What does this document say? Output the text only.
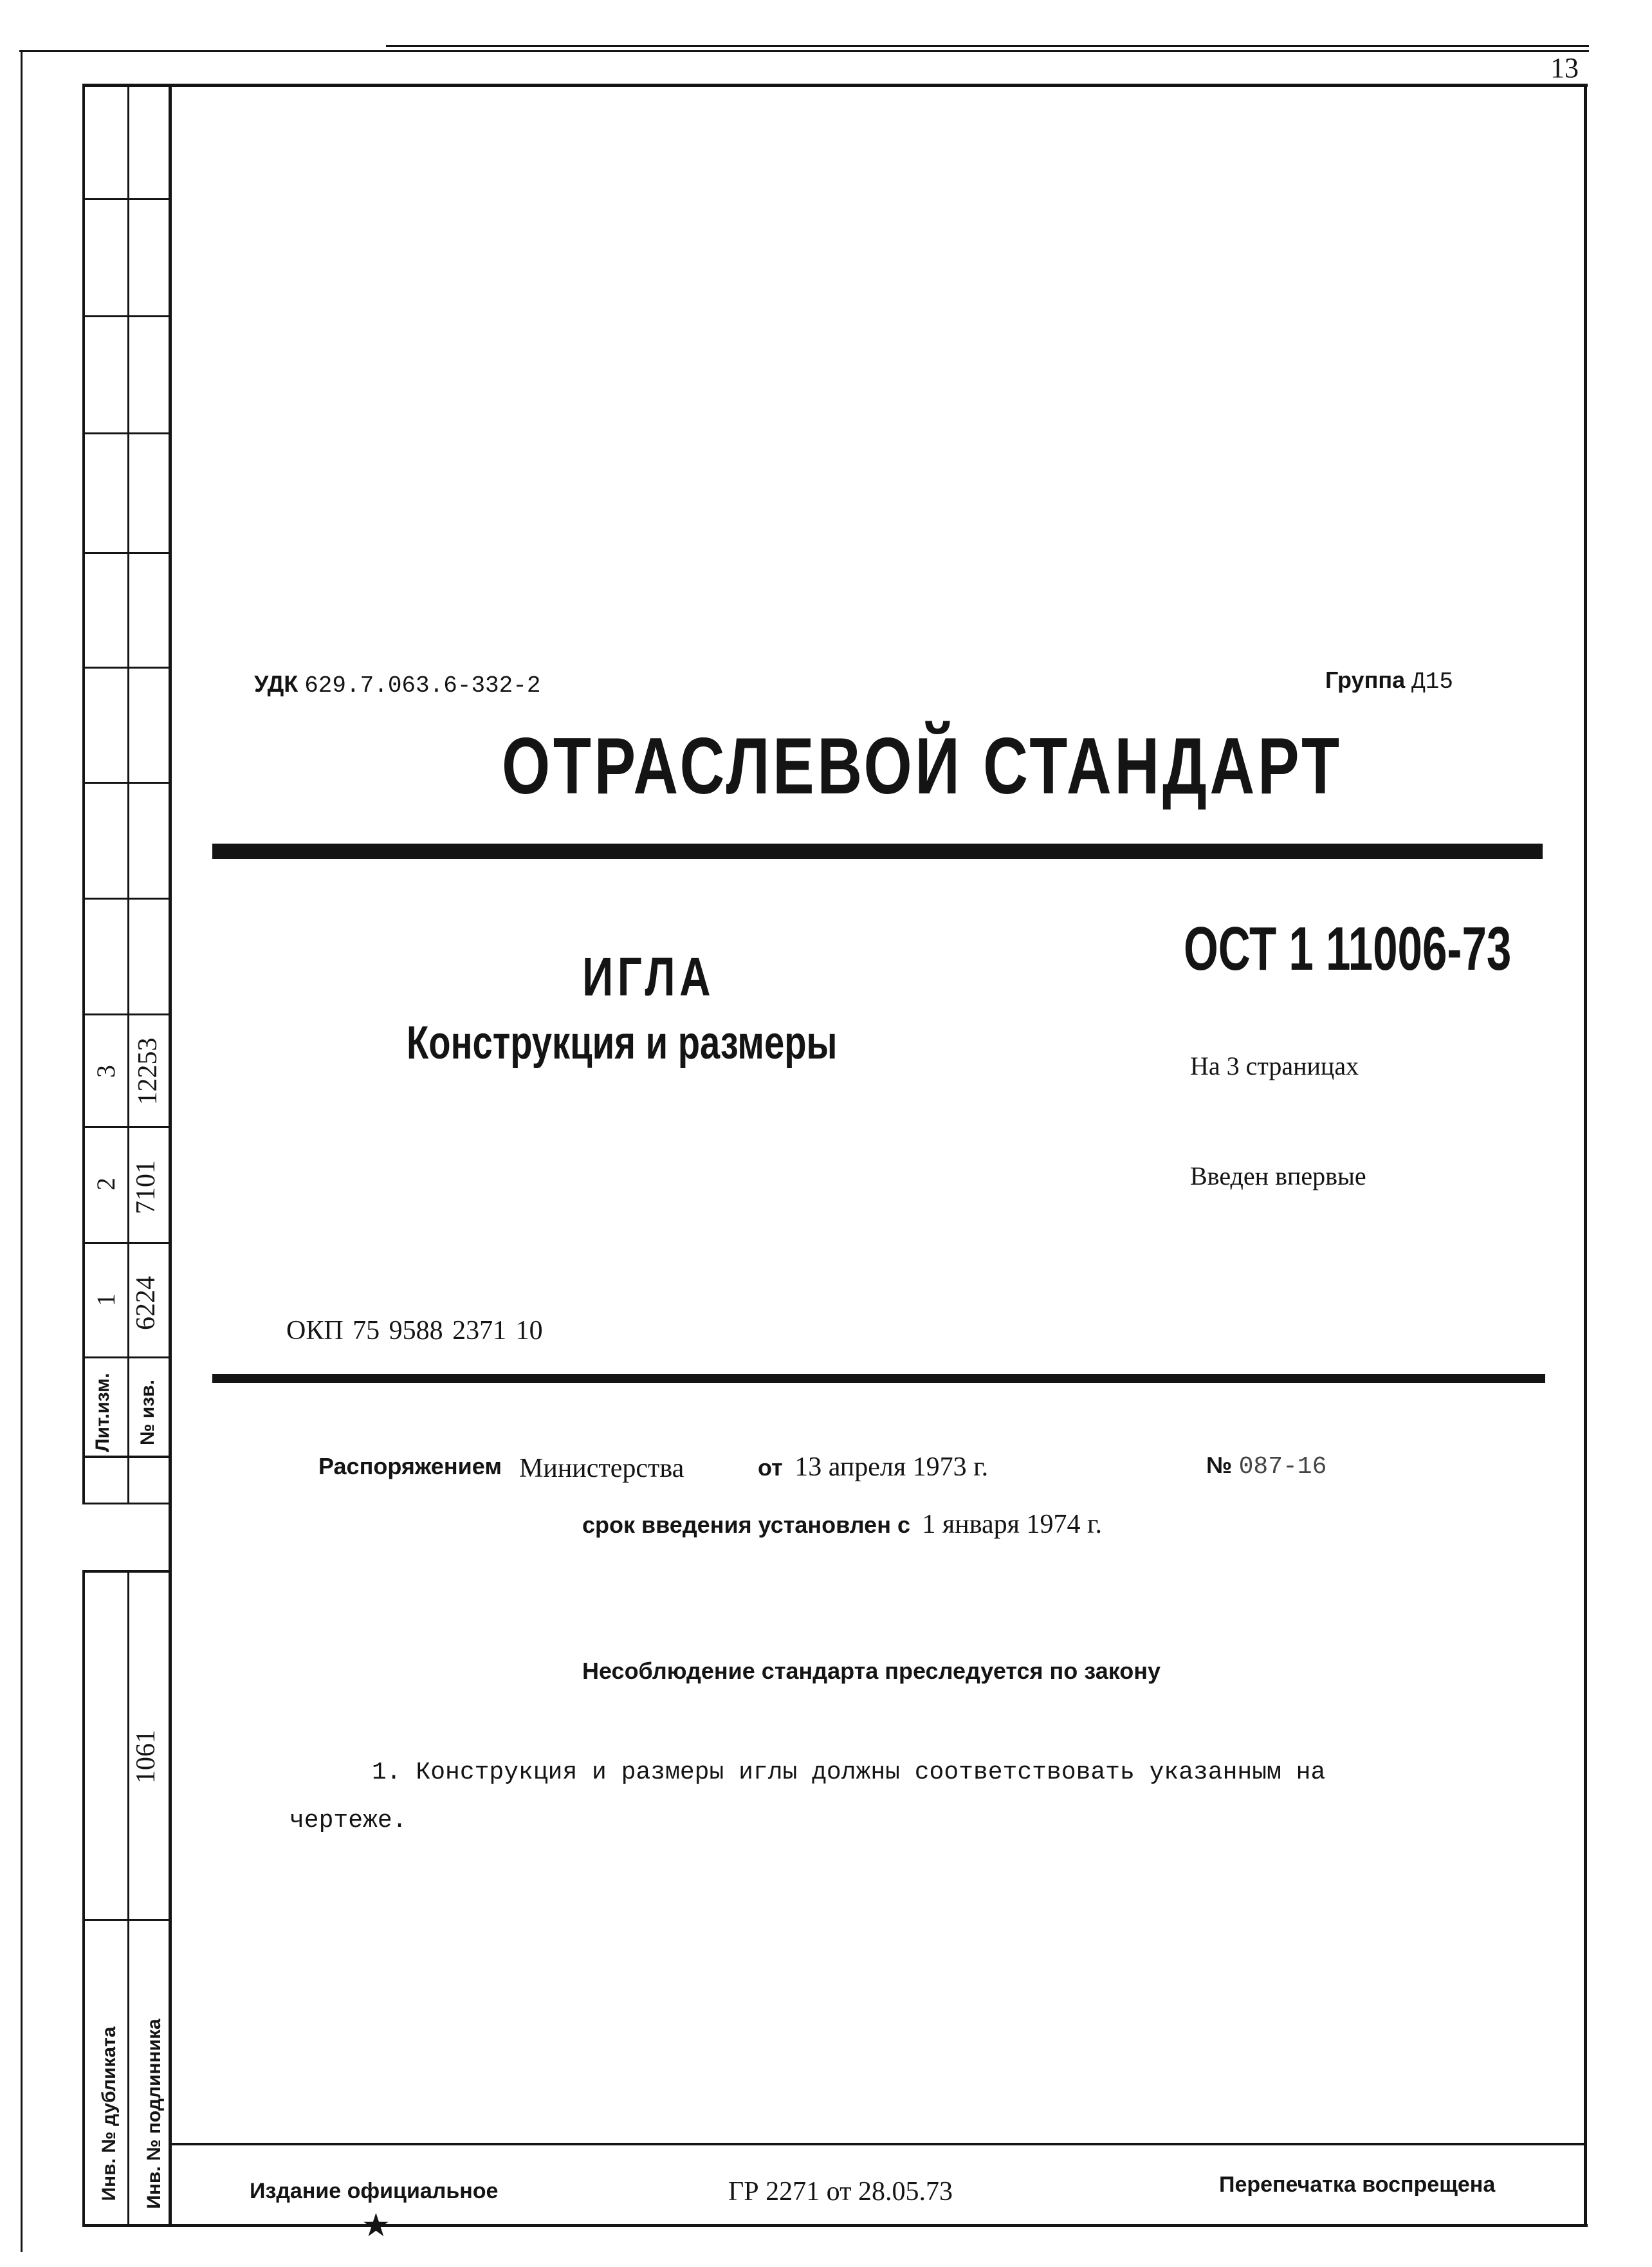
13
3 12253
2 7101
1 6224
Лит.изм.	№ изв.
1061
Инв. № дубликата	Инв. № подлинника
УДК 629.7.063.6-332-2	Группа Д15
ОТРАСЛЕВОЙ СТАНДАРТ
ИГЛА
Конструкция и размеры
ОСТ 1 11006-73
На 3 страницах
Введен впервые
ОКП 75 9588 2371 10
Распоряжением Министерства	от 13 апреля 1973 г.	№ 087-16
срок введения установлен с 1 января 1974 г.
Несоблюдение стандарта преследуется по закону
1. Конструкция и размеры иглы должны соответствовать указанным на
чертеже.
Издание официальное
★
ГР 2271 от 28.05.73	Перепечатка воспрещена
